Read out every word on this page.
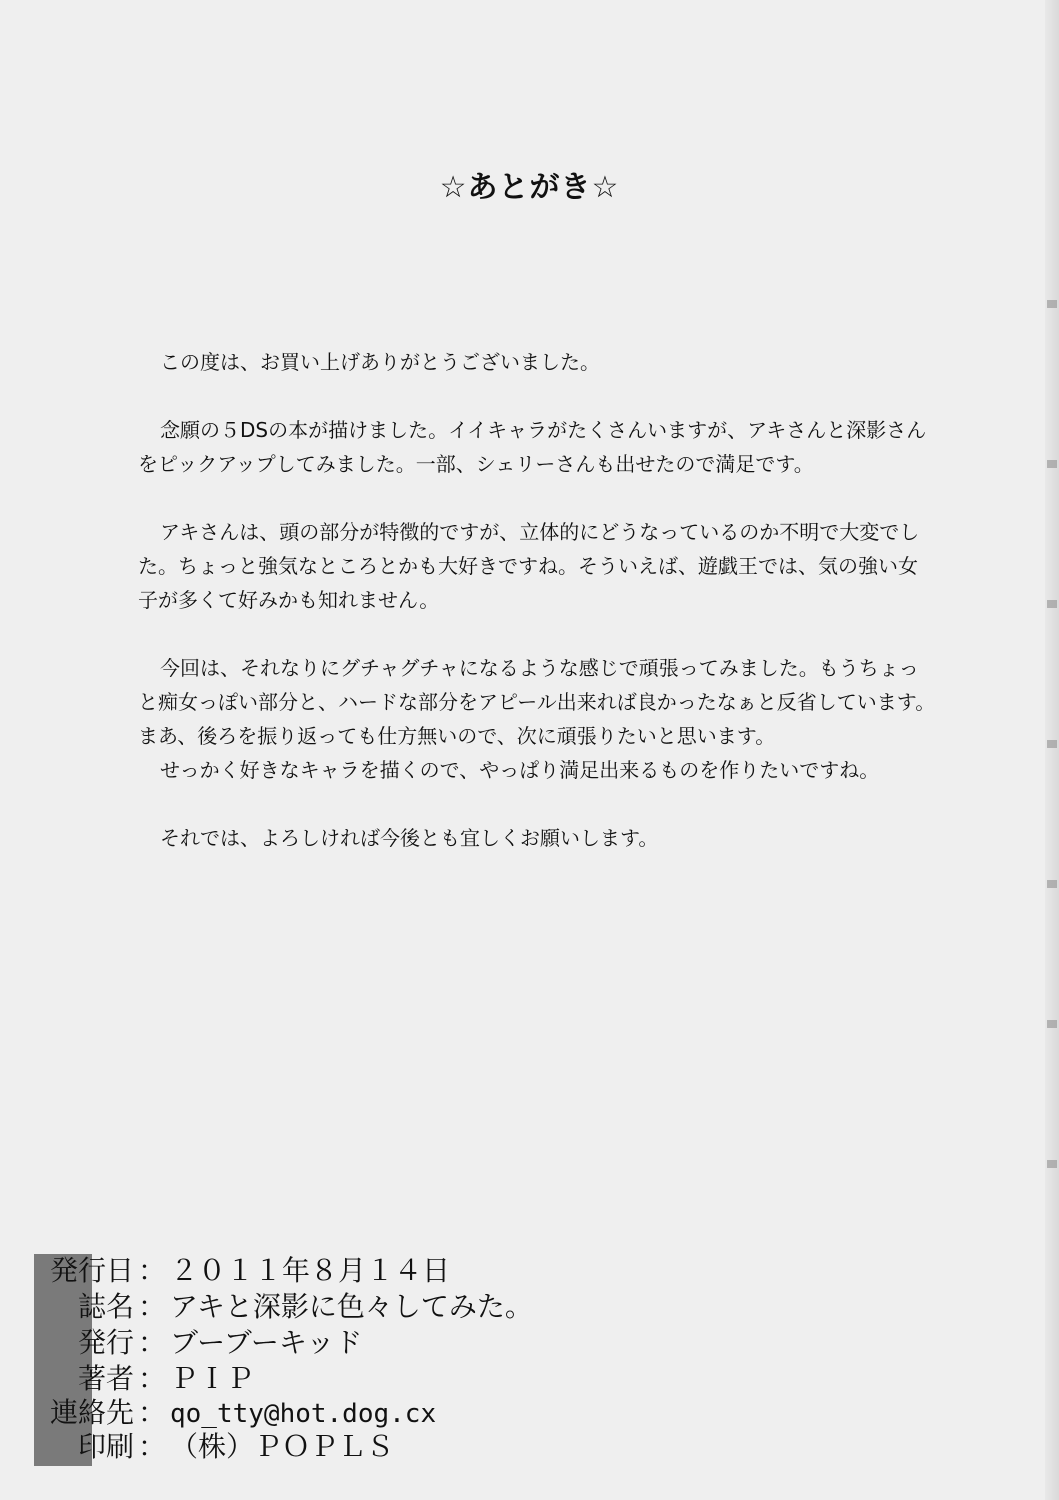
☆あとがき☆
この度は、お買い上げありがとうございました。
念願の５DSの本が描けました。イイキャラがたくさんいますが、アキさんと深影さん
をピックアップしてみました。一部、シェリーさんも出せたので満足です。
アキさんは、頭の部分が特徴的ですが、立体的にどうなっているのか不明で大変でし
た。ちょっと強気なところとかも大好きですね。そういえば、遊戯王では、気の強い女
子が多くて好みかも知れません。
今回は、それなりにグチャグチャになるような感じで頑張ってみました。もうちょっ
と痴女っぽい部分と、ハードな部分をアピール出来れば良かったなぁと反省しています。
まあ、後ろを振り返っても仕方無いので、次に頑張りたいと思います。
せっかく好きなキャラを描くので、やっぱり満足出来るものを作りたいですね。
それでは、よろしければ今後とも宜しくお願いします。
発行日 ： ２０１１年８月１４日
誌名 ： アキと深影に色々してみた。
発行 ： ブーブーキッド
著者 ： ＰＩＰ
連絡先 ： qo_tty@hot.dog.cx
印刷 ： （株）ＰＯＰＬＳ
